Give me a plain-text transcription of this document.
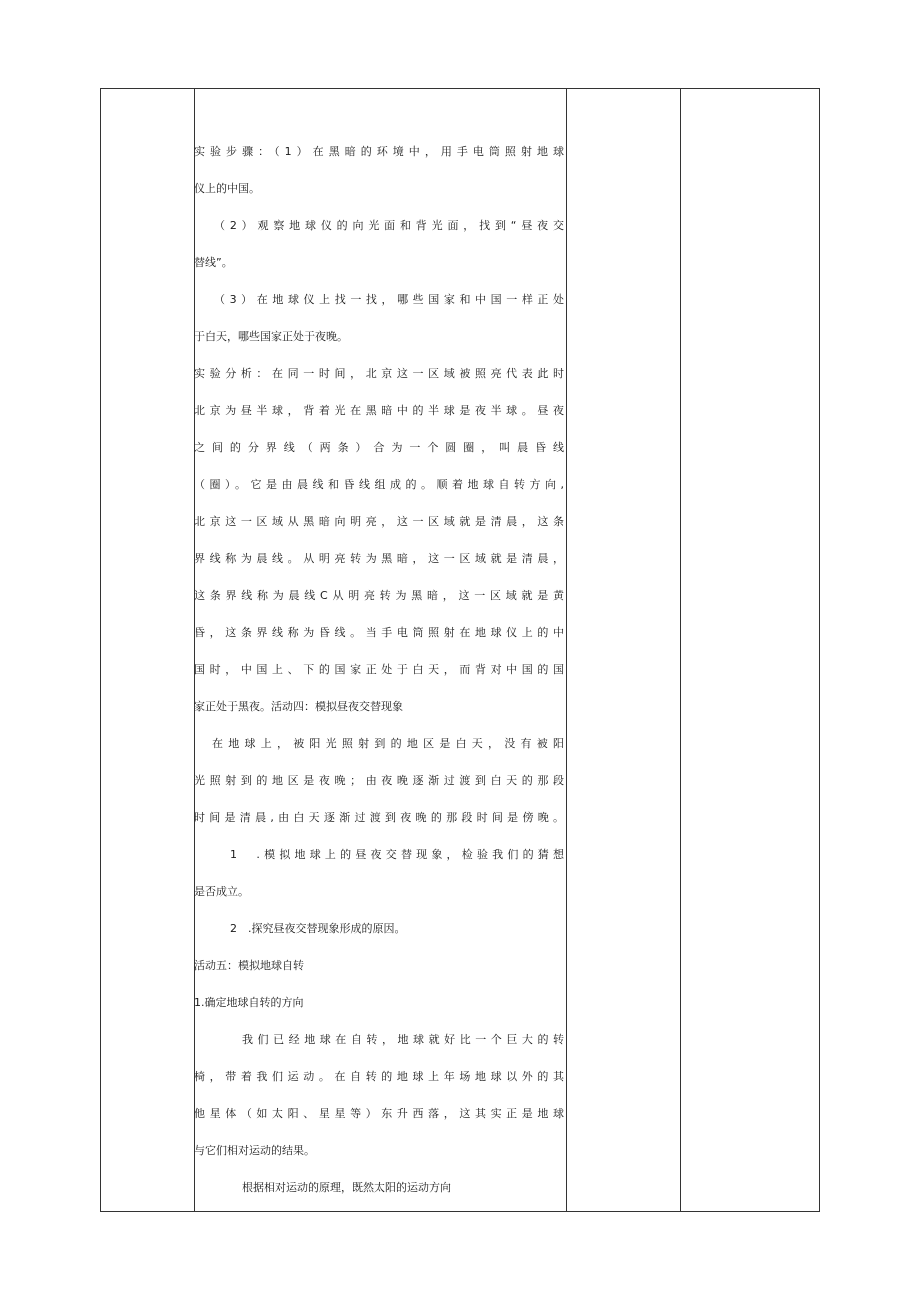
实验步骤：（1）在黑暗的环境中，用手电筒照射地球

仪上的中国。

（2）观察地球仪的向光面和背光面，找到“昼夜交

替线”。

（3）在地球仪上找一找，哪些国家和中国一样正处

于白天，哪些国家正处于夜晚。

实验分析：在同一时间，北京这一区域被照亮代表此时

北京为昼半球，背着光在黑暗中的半球是夜半球。昼夜

之间的分界线（两条）合为一个圆圈，叫晨昏线

（圈）。它是由晨线和昏线组成的。顺着地球自转方向,

北京这一区域从黑暗向明亮，这一区域就是清晨，这条

界线称为晨线。从明亮转为黑暗，这一区域就是清晨，

这条界线称为晨线C从明亮转为黑暗，这一区域就是黄

昏，这条界线称为昏线。当手电筒照射在地球仪上的中

国时，中国上、下的国家正处于白天，而背对中国的国

家正处于黑夜。活动四：模拟昼夜交替现象

在地球上，被阳光照射到的地区是白天，没有被阳

光照射到的地区是夜晚；由夜晚逐渐过渡到白天的那段

时间是清晨,由白天逐渐过渡到夜晚的那段时间是傍晚。

1　.模拟地球上的昼夜交替现象，检验我们的猜想

是否成立。

2　.探究昼夜交替现象形成的原因。

活动五：模拟地球自转

1.确定地球自转的方向

我们已经地球在自转，地球就好比一个巨大的转

椅，带着我们运动。在自转的地球上年场地球以外的其

他星体（如太阳、星星等）东升西落，这其实正是地球

与它们相对运动的结果。

根据相对运动的原理，既然太阳的运动方向
